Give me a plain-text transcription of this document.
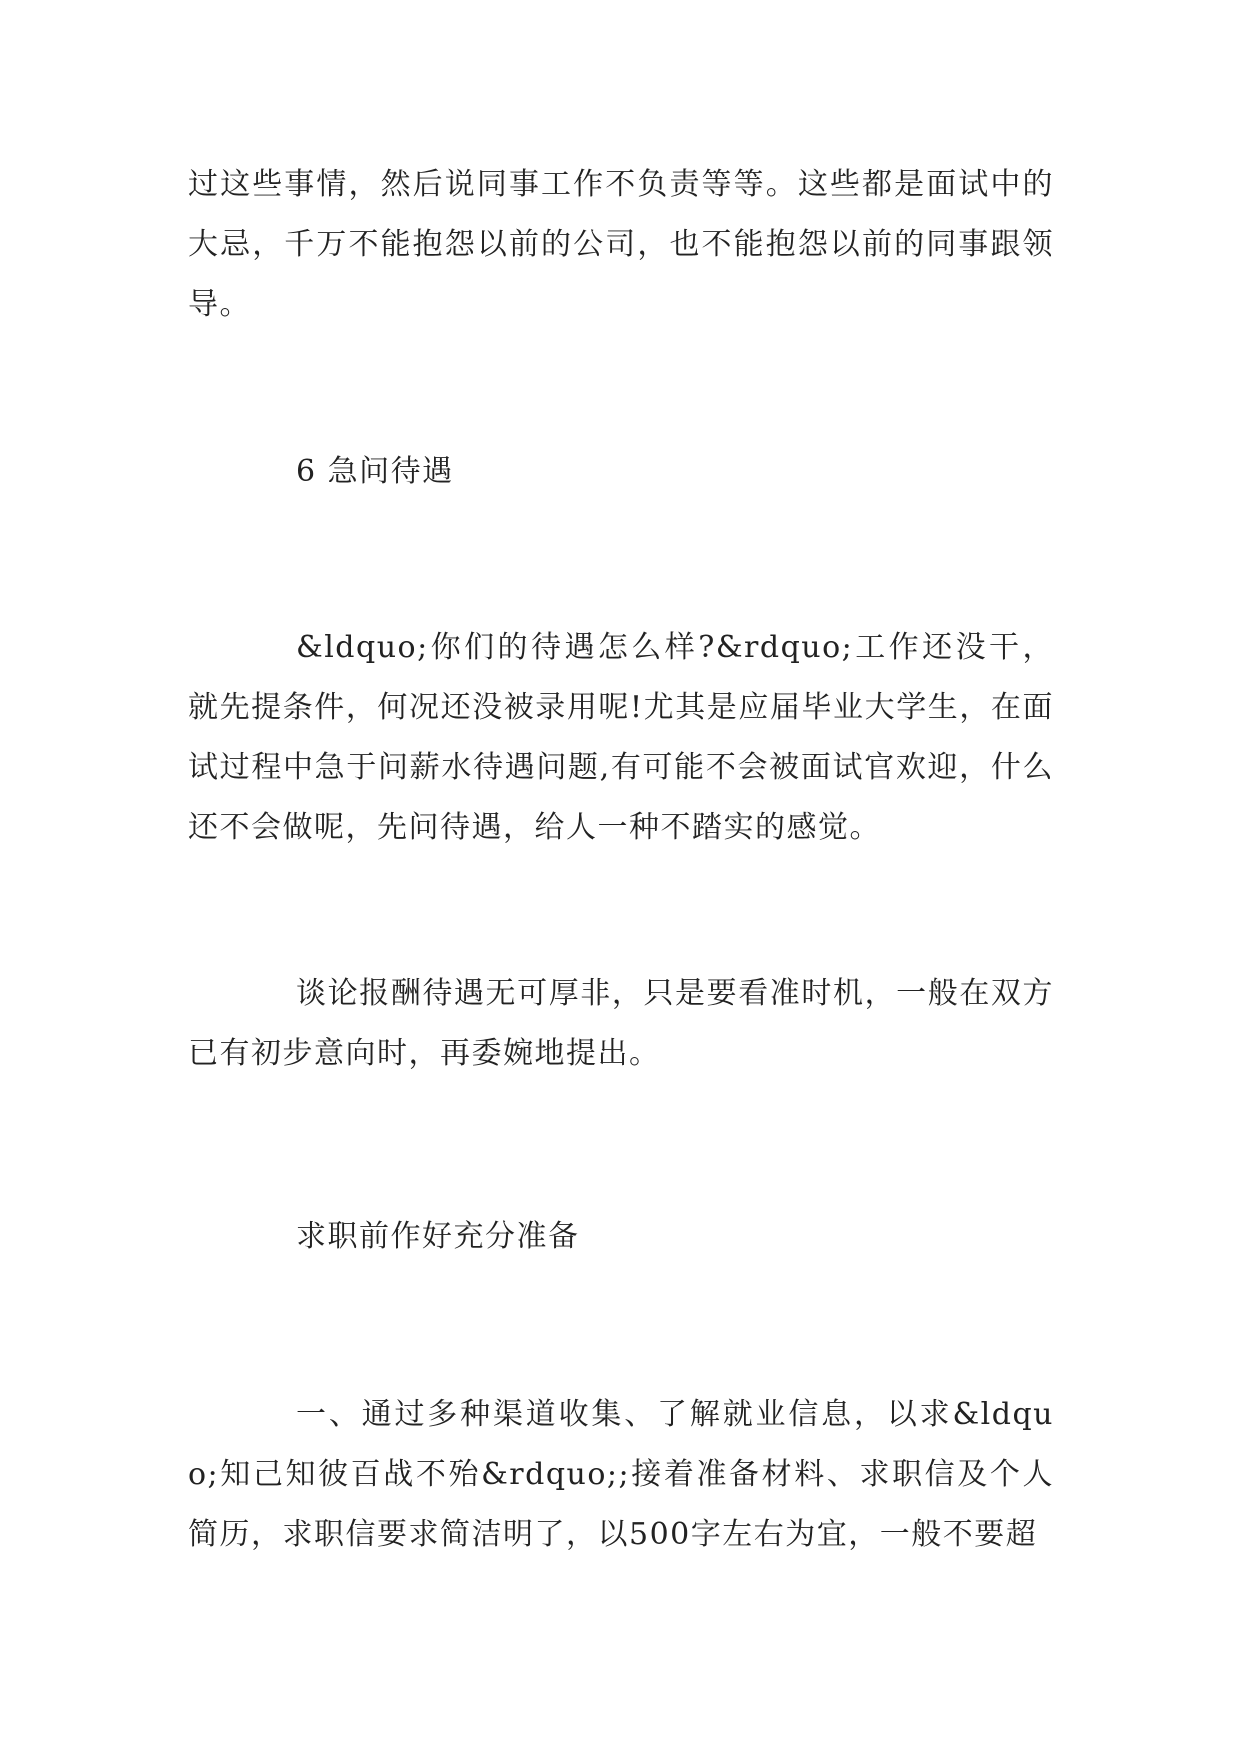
过这些事情，然后说同事工作不负责等等。这些都是面试中的大忌，千万不能抱怨以前的公司，也不能抱怨以前的同事跟领导。

6 急问待遇

&ldquo;你们的待遇怎么样?&rdquo;工作还没干，就先提条件，何况还没被录用呢!尤其是应届毕业大学生，在面试过程中急于问薪水待遇问题,有可能不会被面试官欢迎，什么还不会做呢，先问待遇，给人一种不踏实的感觉。

谈论报酬待遇无可厚非，只是要看准时机，一般在双方已有初步意向时，再委婉地提出。

求职前作好充分准备

一、通过多种渠道收集、了解就业信息，以求&ldquo;知己知彼百战不殆&rdquo;;接着准备材料、求职信及个人简历，求职信要求简洁明了，以500字左右为宜，一般不要超
